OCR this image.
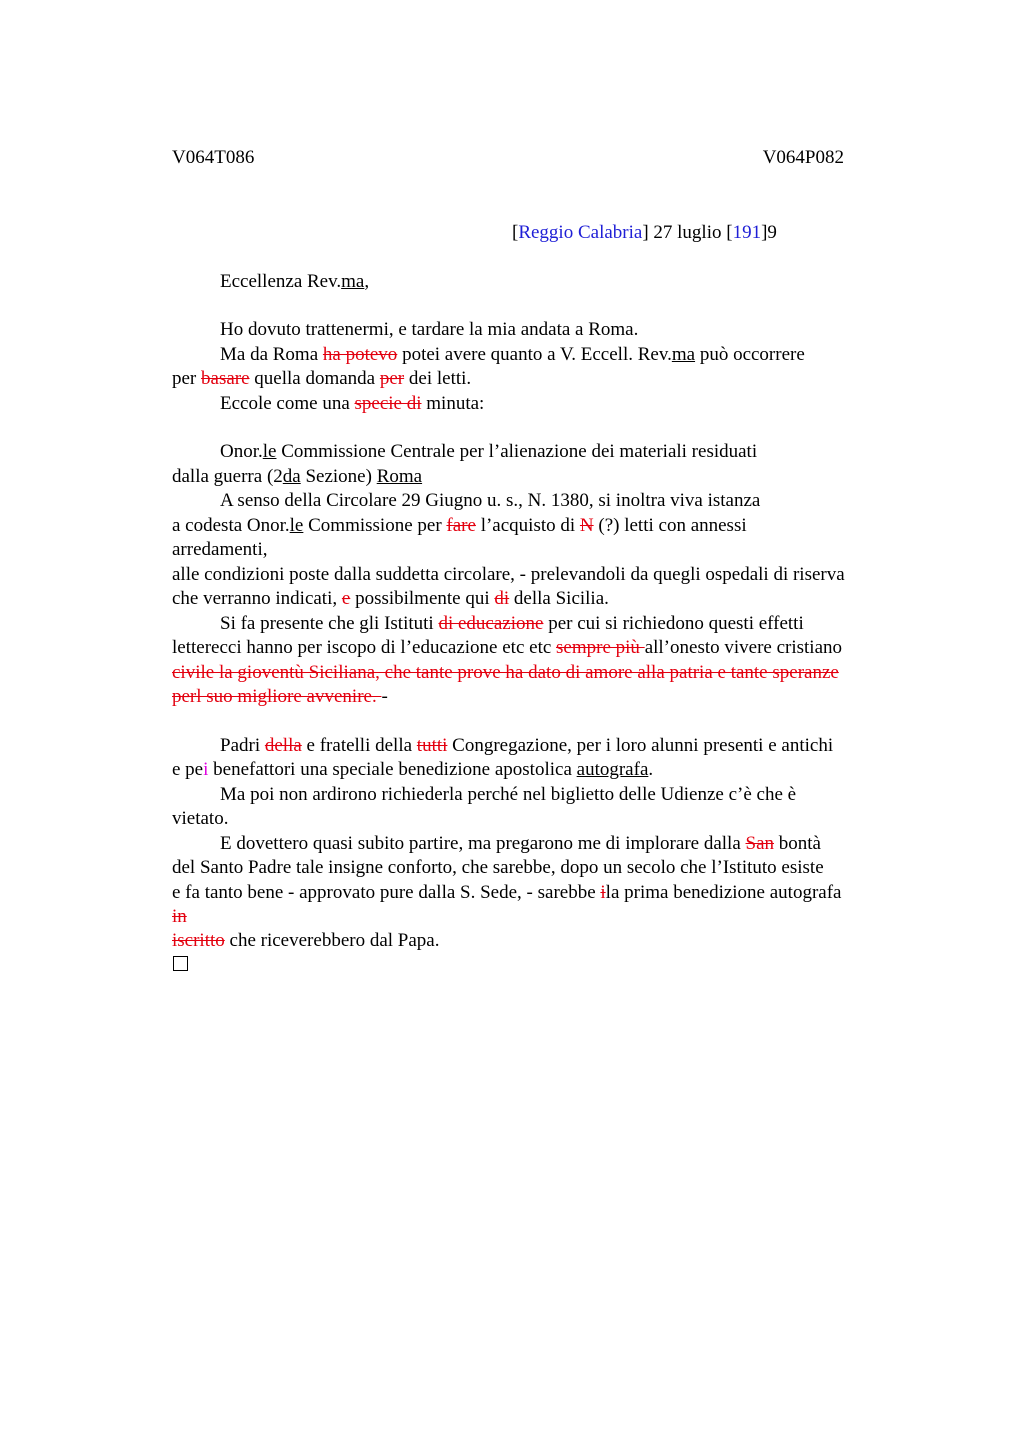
V064T086	V064P082
[Reggio Calabria] 27 luglio [191]9
Eccellenza Rev.ma,
Ho dovuto trattenermi, e tardare la mia andata a Roma.
Ma da Roma ha potevo potei avere quanto a V. Eccell. Rev.ma può occorrere
per basare quella domanda per dei letti.
Eccole come una specie di minuta:
Onor.le Commissione Centrale per l’alienazione dei materiali residuati
dalla guerra (2da Sezione) Roma
A senso della Circolare 29 Giugno u. s., N. 1380, si inoltra viva istanza
a codesta Onor.le Commissione per fare l’acquisto di N (?) letti con annessi
arredamenti,
alle condizioni poste dalla suddetta circolare, - prelevandoli da quegli ospedali di riserva
che verranno indicati, e possibilmente qui di della Sicilia.
Si fa presente che gli Istituti di educazione per cui si richiedono questi effetti
letterecci hanno per iscopo di l’educazione etc etc sempre più all’onesto vivere cristiano
civile la gioventù Siciliana, che tante prove ha dato di amore alla patria e tante speranze
perl suo migliore avvenire. -
Padri della e fratelli della tutti Congregazione, per i loro alunni presenti e antichi
e pei benefattori una speciale benedizione apostolica autografa.
Ma poi non ardirono richiederla perché nel biglietto delle Udienze c’è che è
vietato.
E dovettero quasi subito partire, ma pregarono me di implorare dalla San bontà
del Santo Padre tale insigne conforto, che sarebbe, dopo un secolo che l’Istituto esiste
e fa tanto bene - approvato pure dalla S. Sede, - sarebbe ila prima benedizione autografa
in
iscritto che riceverebbero dal Papa.
